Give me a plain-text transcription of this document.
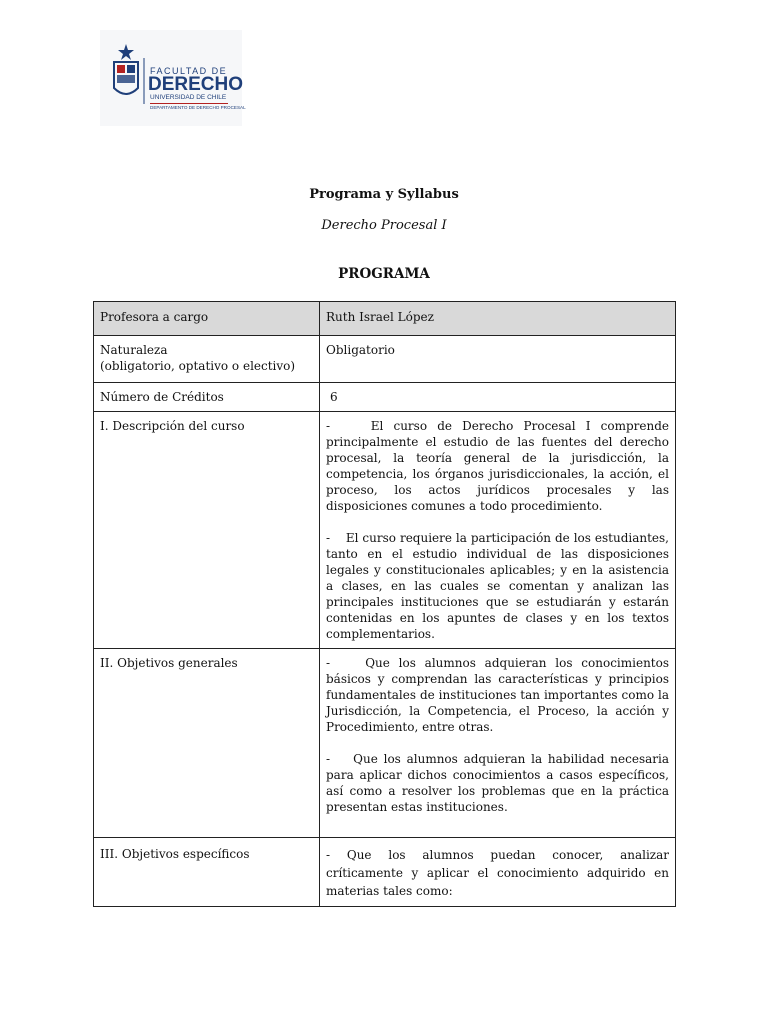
FACULTAD DE
DERECHO
UNIVERSIDAD DE CHILE
DEPARTAMENTO DE DERECHO PROCESAL
Programa y Syllabus
Derecho Procesal I
PROGRAMA
Profesora a cargo	Ruth Israel López

Naturaleza
(obligatorio, optativo o electivo)	Obligatorio
Número de Créditos	6
I. Descripción del curso	-    El curso de Derecho Procesal I comprende principalmente el estudio de las fuentes del derecho procesal, la teoría general de la jurisdicción, la competencia, los órganos jurisdiccionales, la acción, el proceso, los actos jurídicos procesales y las disposiciones comunes a todo procedimiento.

-    El curso requiere la participación de los estudiantes, tanto en el estudio individual de las disposiciones legales y constitucionales aplicables; y en la asistencia a clases, en las cuales se comentan y analizan las principales instituciones que se estudiarán y estarán contenidas en los apuntes de clases y en los textos complementarios.

II. Objetivos generales	-    Que los alumnos adquieran los conocimientos básicos y comprendan las características y principios fundamentales de instituciones tan importantes como la Jurisdicción, la Competencia, el Proceso, la acción y Procedimiento, entre otras.

-    Que los alumnos adquieran la habilidad necesaria para aplicar dichos conocimientos a casos específicos, así como a resolver los problemas que en la práctica presentan estas instituciones.

III. Objetivos específicos	- Que los alumnos puedan conocer, analizar críticamente y aplicar el conocimiento adquirido en materias tales como:
